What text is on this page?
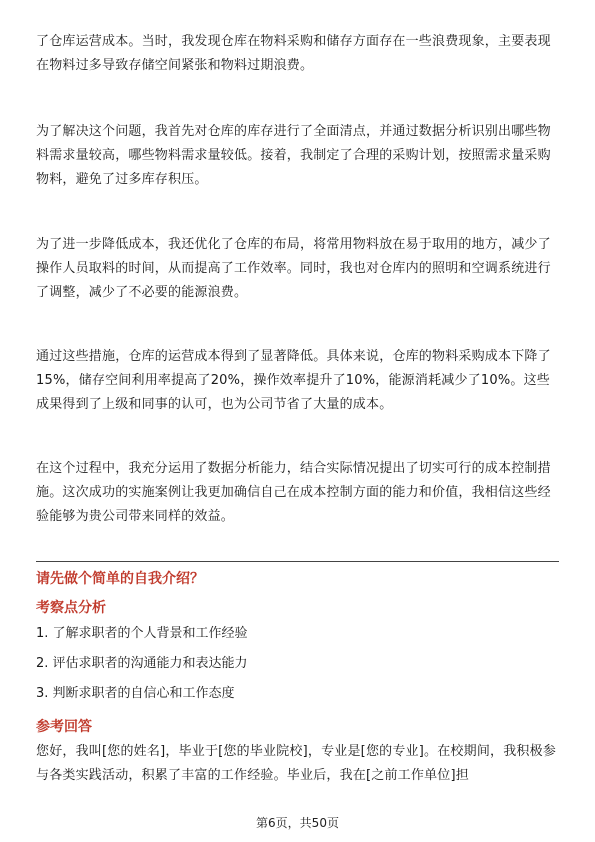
了仓库运营成本。当时，我发现仓库在物料采购和储存方面存在一些浪费现象，主要表现在物料过多导致存储空间紧张和物料过期浪费。

为了解决这个问题，我首先对仓库的库存进行了全面清点，并通过数据分析识别出哪些物料需求量较高，哪些物料需求量较低。接着，我制定了合理的采购计划，按照需求量采购物料，避免了过多库存积压。

为了进一步降低成本，我还优化了仓库的布局，将常用物料放在易于取用的地方，减少了操作人员取料的时间，从而提高了工作效率。同时，我也对仓库内的照明和空调系统进行了调整，减少了不必要的能源浪费。

通过这些措施，仓库的运营成本得到了显著降低。具体来说，仓库的物料采购成本下降了15%，储存空间利用率提高了20%，操作效率提升了10%，能源消耗减少了10%。这些成果得到了上级和同事的认可，也为公司节省了大量的成本。

在这个过程中，我充分运用了数据分析能力，结合实际情况提出了切实可行的成本控制措施。这次成功的实施案例让我更加确信自己在成本控制方面的能力和价值，我相信这些经验能够为贵公司带来同样的效益。

请先做个简单的自我介绍？
考察点分析
1. 了解求职者的个人背景和工作经验
2. 评估求职者的沟通能力和表达能力
3. 判断求职者的自信心和工作态度
参考回答

您好，我叫[您的姓名]，毕业于[您的毕业院校]，专业是[您的专业]。在校期间，我积极参与各类实践活动，积累了丰富的工作经验。毕业后，我在[之前工作单位]担

第6页，共50页
